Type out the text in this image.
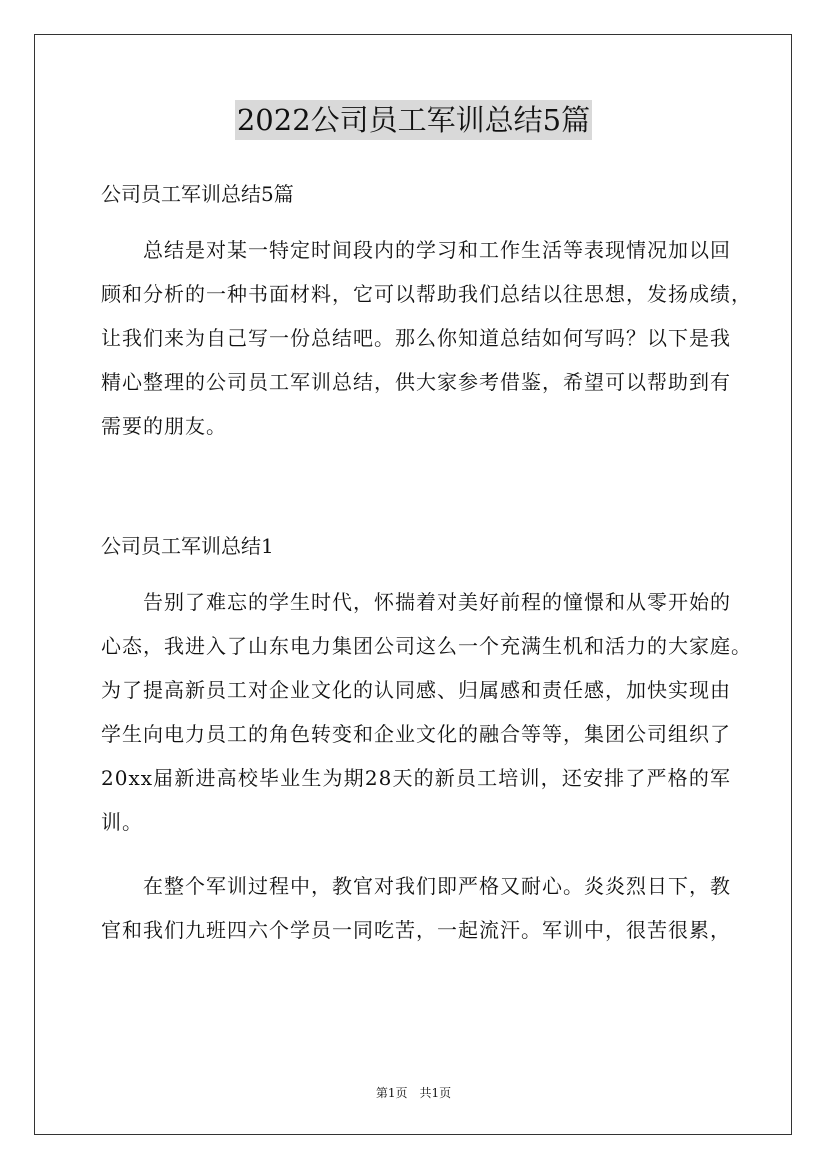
2022公司员工军训总结5篇

公司员工军训总结5篇

总结是对某一特定时间段内的学习和工作生活等表现情况加以回

顾和分析的一种书面材料，它可以帮助我们总结以往思想，发扬成绩，

让我们来为自己写一份总结吧。那么你知道总结如何写吗？以下是我

精心整理的公司员工军训总结，供大家参考借鉴，希望可以帮助到有

需要的朋友。

公司员工军训总结1

告别了难忘的学生时代，怀揣着对美好前程的憧憬和从零开始的

心态，我进入了山东电力集团公司这么一个充满生机和活力的大家庭。

为了提高新员工对企业文化的认同感、归属感和责任感，加快实现由

学生向电力员工的角色转变和企业文化的融合等等，集团公司组织了

20xx届新进高校毕业生为期28天的新员工培训，还安排了严格的军

训。

在整个军训过程中，教官对我们即严格又耐心。炎炎烈日下，教

官和我们九班四六个学员一同吃苦，一起流汗。军训中，很苦很累，

第1页　共1页
